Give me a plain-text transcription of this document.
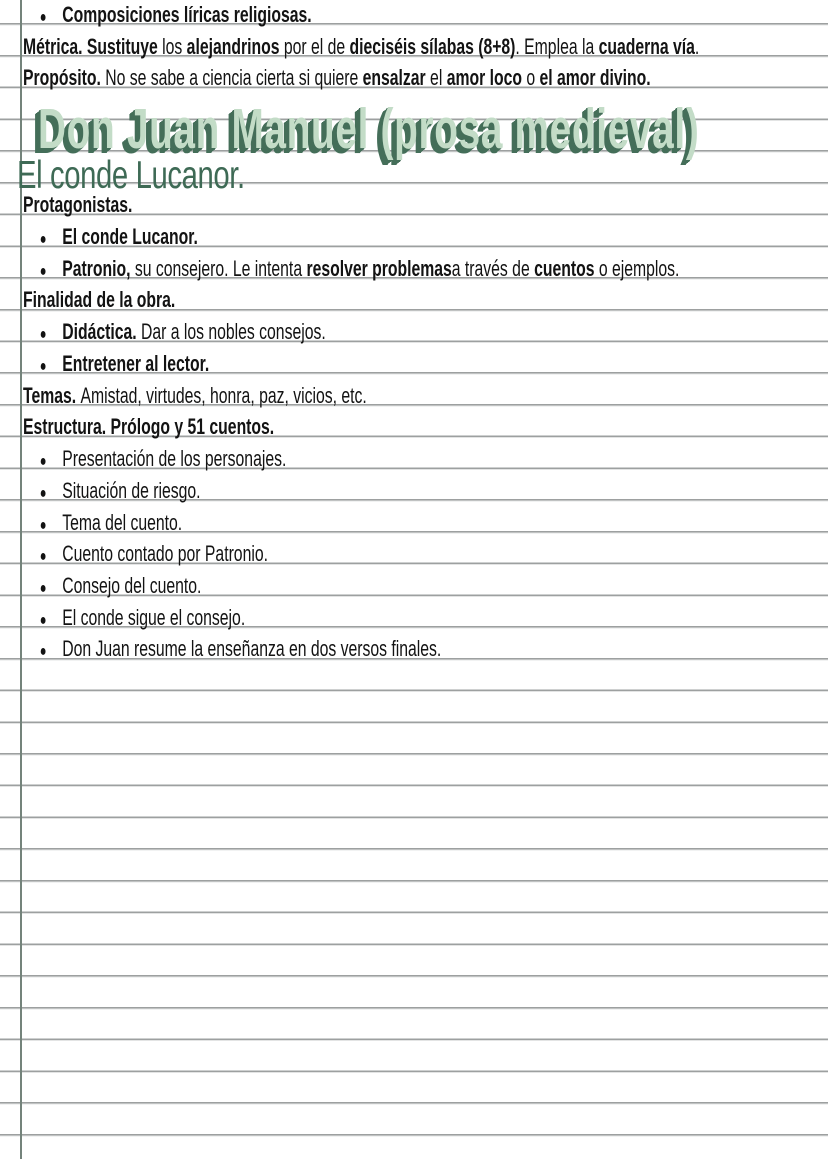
● Composiciones líricas religiosas.
Métrica. Sustituye los alejandrinos por el de dieciséis sílabas (8+8). Emplea la cuaderna vía.
Propósito. No se sabe a ciencia cierta si quiere ensalzar el amor loco o el amor divino.
Don Juan Manuel (prosa medieval)
El conde Lucanor.
Protagonistas.
● El conde Lucanor.
● Patronio, su consejero. Le intenta resolver problemasa través de cuentos o ejemplos.
Finalidad de la obra.
● Didáctica. Dar a los nobles consejos.
● Entretener al lector.
Temas. Amistad, virtudes, honra, paz, vicios, etc.
Estructura. Prólogo y 51 cuentos.
● Presentación de los personajes.
● Situación de riesgo.
● Tema del cuento.
● Cuento contado por Patronio.
● Consejo del cuento.
● El conde sigue el consejo.
● Don Juan resume la enseñanza en dos versos finales.
